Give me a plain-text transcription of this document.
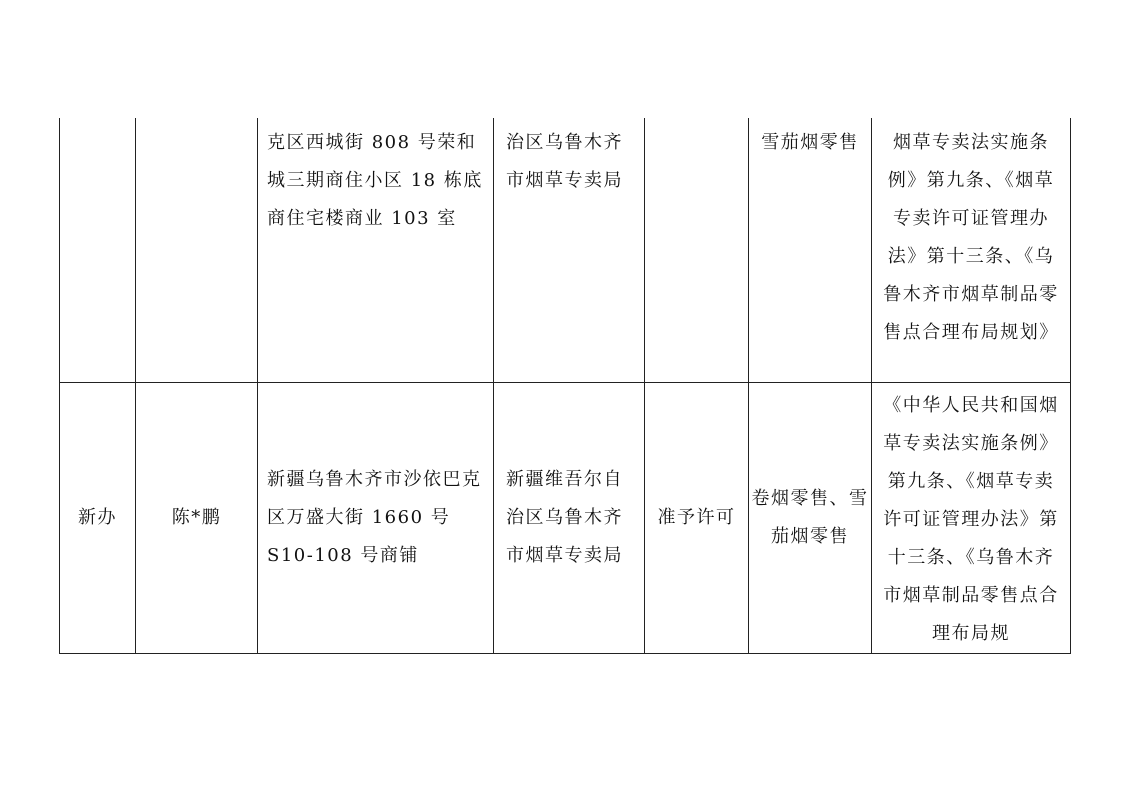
		克区西城街 808 号荣和城三期商住小区 18 栋底商住宅楼商业 103 室	治区乌鲁木齐市烟草专卖局		雪茄烟零售	烟草专卖法实施条例》第九条、《烟草专卖许可证管理办法》第十三条、《乌鲁木齐市烟草制品零售点合理布局规划》

新办	陈*鹏	新疆乌鲁木齐市沙依巴克区万盛大街 1660 号 S10-108 号商铺	新疆维吾尔自治区乌鲁木齐市烟草专卖局	准予许可	卷烟零售、雪茄烟零售	《中华人民共和国烟草专卖法实施条例》第九条、《烟草专卖许可证管理办法》第十三条、《乌鲁木齐市烟草制品零售点合理布局规
